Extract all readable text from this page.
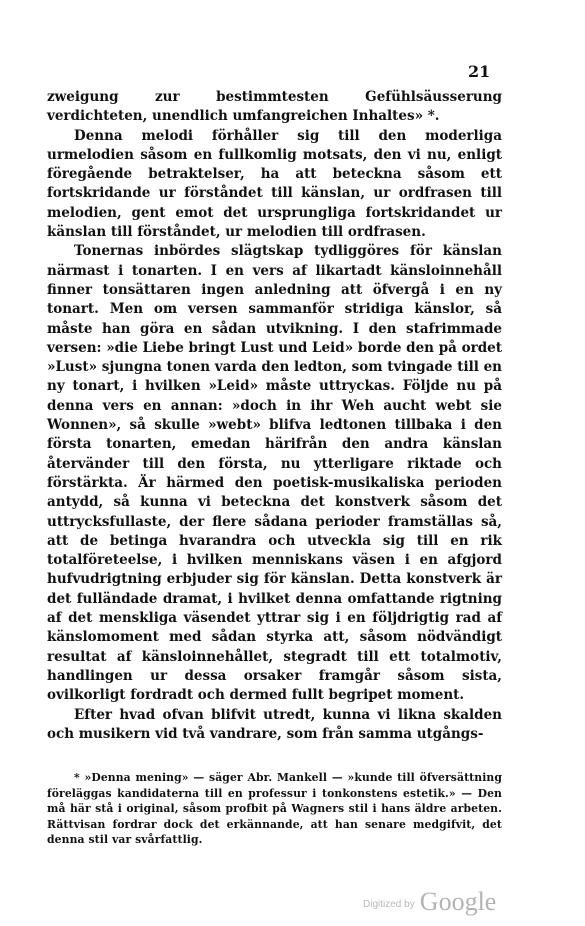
21

zweigung zur bestimmtesten Gefühlsäusserung verdichteten, unendlich umfangreichen Inhaltes» *.

Denna melodi förhåller sig till den moderliga urmelodien såsom en fullkomlig motsats, den vi nu, enligt föregående betraktelser, ha att beteckna såsom ett fortskridande ur förståndet till känslan, ur ordfrasen till melodien, gent emot det ursprungliga fortskridandet ur känslan till förståndet, ur melodien till ordfrasen.

Tonernas inbördes slägtskap tydliggöres för känslan närmast i tonarten. I en vers af likartadt känsloinnehåll finner tonsättaren ingen anledning att öfvergå i en ny tonart. Men om versen sammanför stridiga känslor, så måste han göra en sådan utvikning. I den stafrimmade versen: »die Liebe bringt Lust und Leid» borde den på ordet »Lust» sjungna tonen varda den ledton, som tvingade till en ny tonart, i hvilken »Leid» måste uttryckas. Följde nu på denna vers en annan: »doch in ihr Weh aucht webt sie Wonnen», så skulle »webt» blifva ledtonen tillbaka i den första tonarten, emedan härifrån den andra känslan återvänder till den första, nu ytterligare riktade och förstärkta. Är härmed den poetisk-musikaliska perioden antydd, så kunna vi beteckna det konstverk såsom det uttrycksfullaste, der flere sådana perioder framställas så, att de betinga hvarandra och utveckla sig till en rik totalföreteelse, i hvilken menniskans väsen i en afgjord hufvudrigtning erbjuder sig för känslan. Detta konstverk är det fulländade dramat, i hvilket denna omfattande rigtning af det menskliga väsendet yttrar sig i en följdrigtig rad af känslomoment med sådan styrka att, såsom nödvändigt resultat af känsloinnehållet, stegradt till ett totalmotiv, handlingen ur dessa orsaker framgår såsom sista, ovilkorligt fordradt och dermed fullt begripet moment.

Efter hvad ofvan blifvit utredt, kunna vi likna skalden och musikern vid två vandrare, som från samma utgångs-

* »Denna mening» — säger Abr. Mankell — »kunde till öfversättning föreläggas kandidaterna till en professur i tonkonstens estetik.» — Den må här stå i original, såsom profbit på Wagners stil i hans äldre arbeten. Rättvisan fordrar dock det erkännande, att han senare medgifvit, det denna stil var svårfattlig.
Digitized by Google
